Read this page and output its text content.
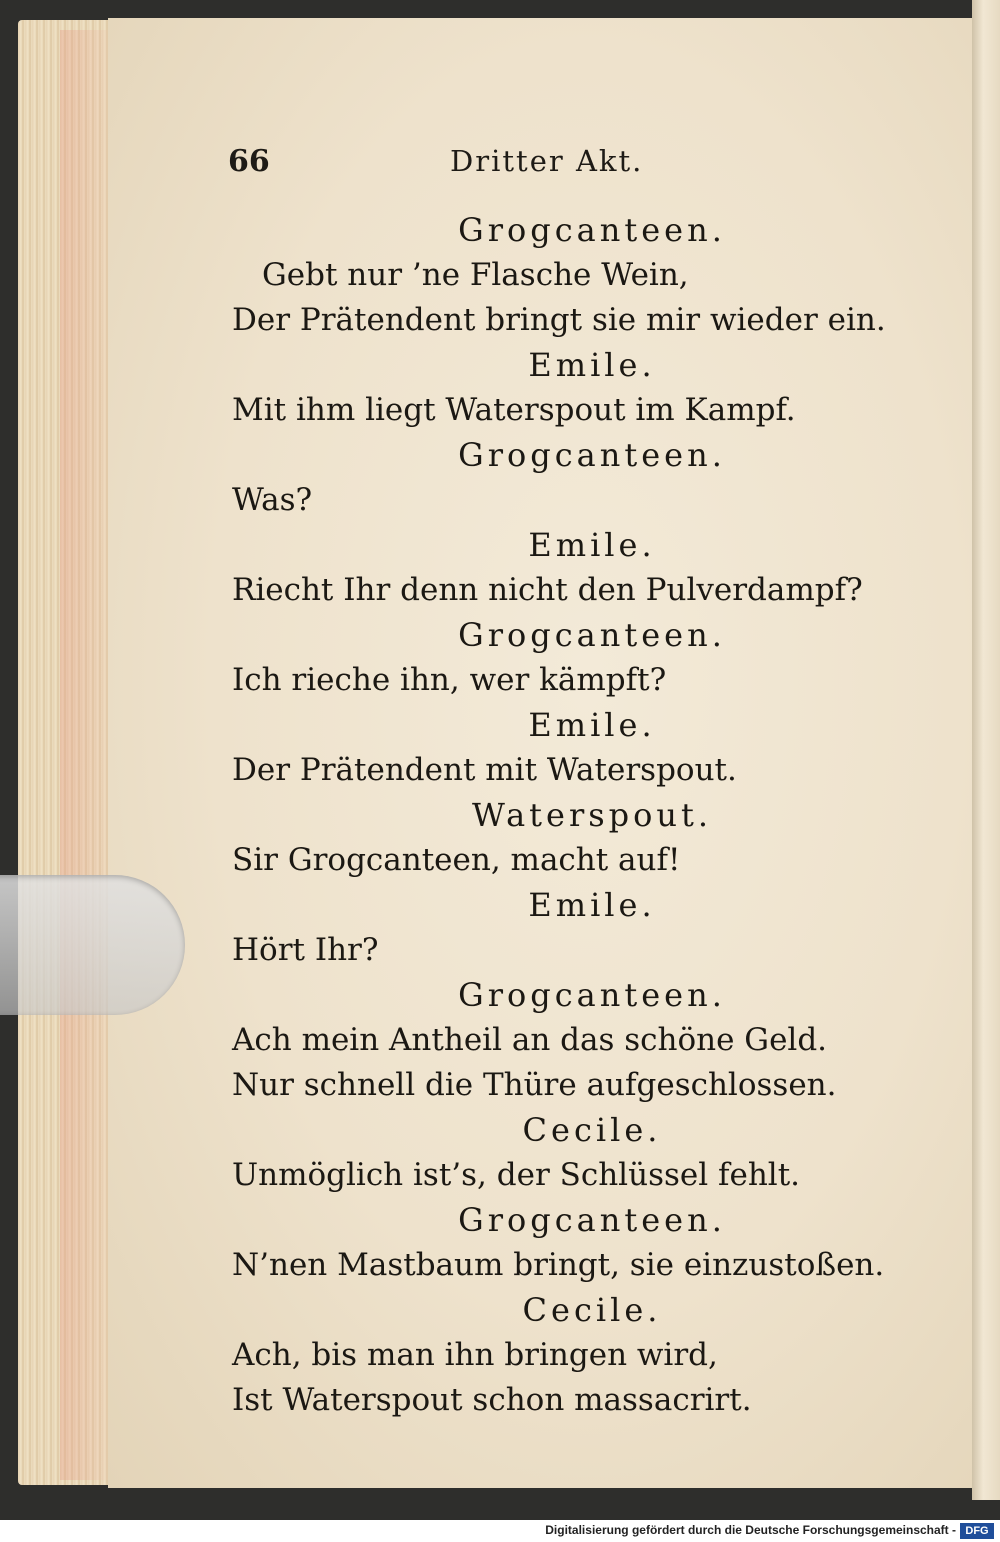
66	Dritter Akt.
Grogcanteen.
Gebt nur ’ne Flasche Wein,
Der Prätendent bringt sie mir wieder ein.
Emile.
Mit ihm liegt Waterspout im Kampf.
Grogcanteen.
Was?
Emile.
Riecht Ihr denn nicht den Pulverdampf?
Grogcanteen.
Ich rieche ihn, wer kämpft?
Emile.
Der Prätendent mit Waterspout.
Waterspout.
Sir Grogcanteen, macht auf!
Emile.
Hört Ihr?
Grogcanteen.
Ach mein Antheil an das schöne Geld.
Nur schnell die Thüre aufgeschlossen.
Cecile.
Unmöglich ist’s, der Schlüssel fehlt.
Grogcanteen.
N’nen Mastbaum bringt, sie einzustoßen.
Cecile.
Ach, bis man ihn bringen wird,
Ist Waterspout schon massacrirt.
Digitalisierung gefördert durch die Deutsche Forschungsgemeinschaft - DFG
